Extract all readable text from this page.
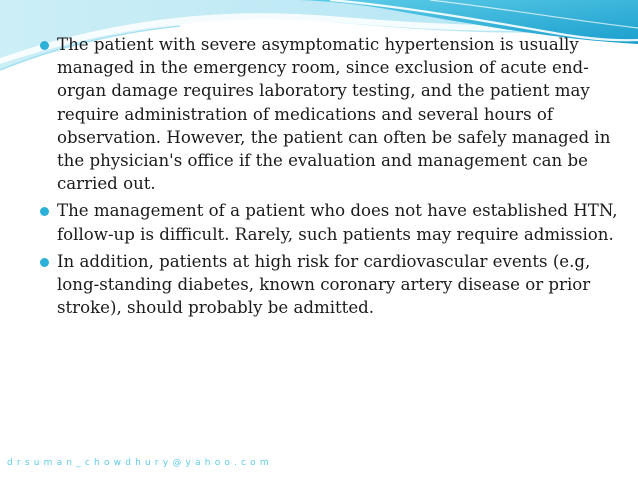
The patient with severe asymptomatic hypertension is usually managed in the emergency room, since exclusion of acute end-organ damage requires laboratory testing, and the patient may require administration of medications and several hours of observation. However, the patient can often be safely managed in the physician's office if the evaluation and management can be carried out.
The management of a patient who does not have established HTN, follow-up is difficult. Rarely, such patients may require admission.
In addition, patients at high risk for cardiovascular events (e.g, long-standing diabetes, known coronary artery disease or prior stroke), should probably be admitted.
drsuman_chowdhury@yahoo.com
